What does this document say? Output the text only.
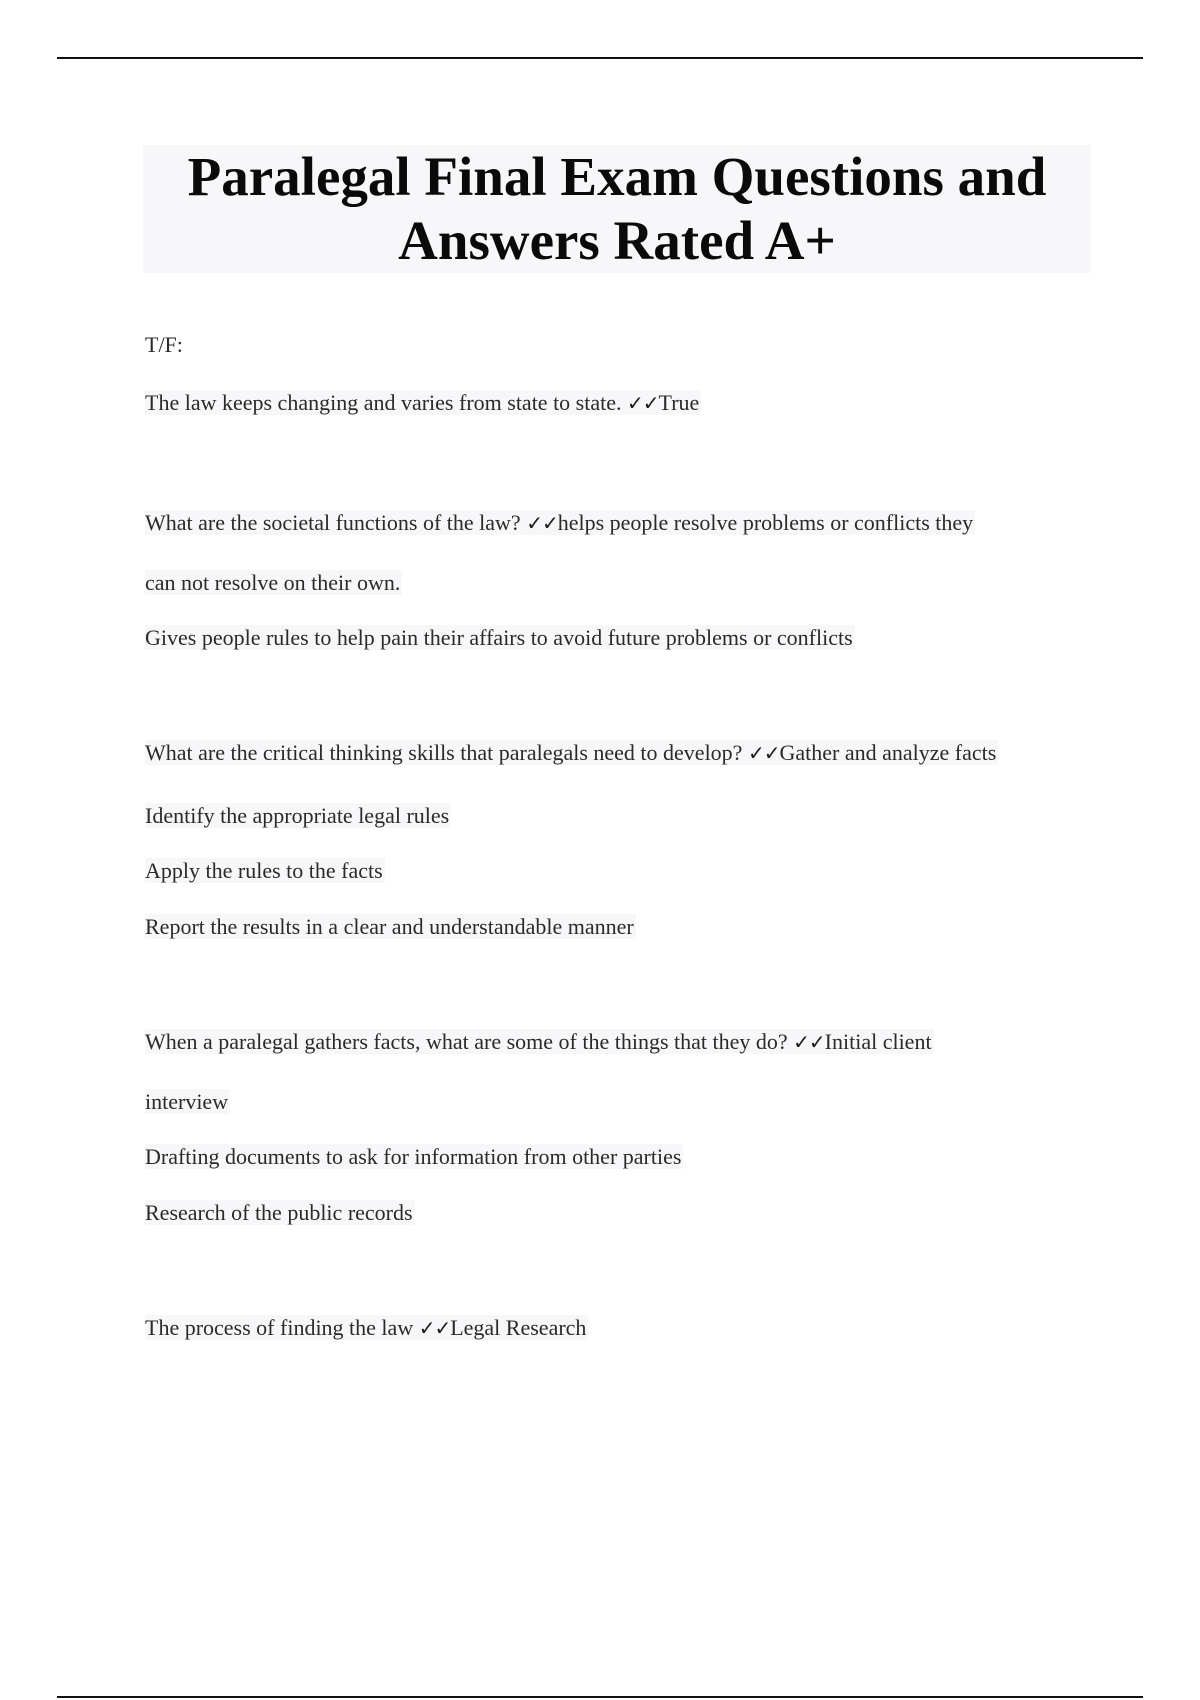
Paralegal Final Exam Questions and
Answers Rated A+
T/F:
The law keeps changing and varies from state to state. ✓✓True
What are the societal functions of the law? ✓✓helps people resolve problems or conflicts they
can not resolve on their own.
Gives people rules to help pain their affairs to avoid future problems or conflicts
What are the critical thinking skills that paralegals need to develop? ✓✓Gather and analyze facts
Identify the appropriate legal rules
Apply the rules to the facts
Report the results in a clear and understandable manner
When a paralegal gathers facts, what are some of the things that they do? ✓✓Initial client
interview
Drafting documents to ask for information from other parties
Research of the public records
The process of finding the law ✓✓Legal Research
